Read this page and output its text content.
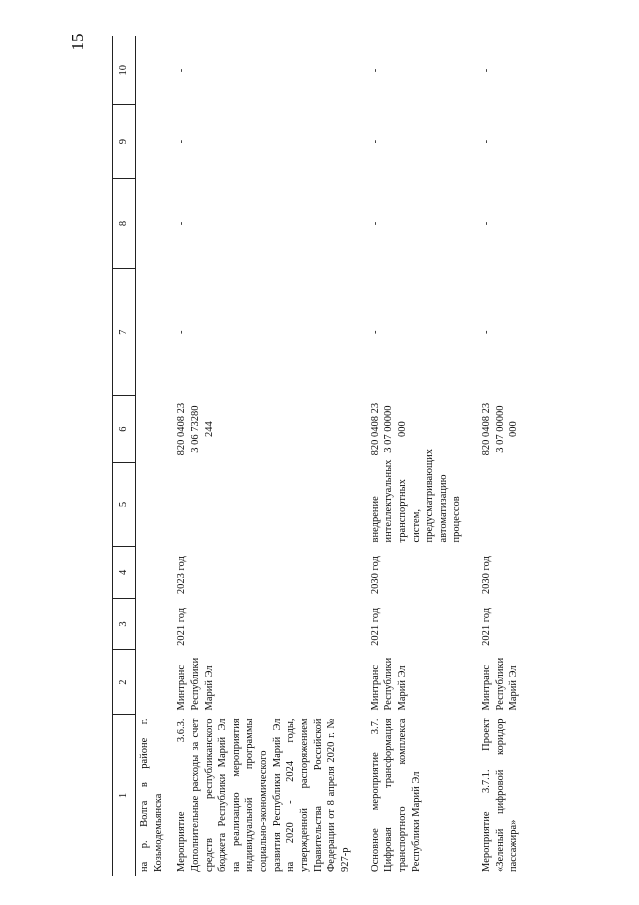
15
1	2	3	4	5	6	7	8	9	10
на р. Волга в районе г. Козьмодемьянска									
Мероприятие 3.6.3. Дополнительные расходы за счет средств республиканского бюджета Республики Марий Эл на реализацию мероприятия индивидуальной программы социально-экономического развития Республики Марий Эл на 2020 - 2024 годы, утвержденной распоряжением Правительства Российской Федерации от 8 апреля 2020 г. № 927-р	Минтранс Республики Марий Эл	2021 год	2023 год		820 0408 23 3 06 73280 244	-	-	-	-
Основное мероприятие 3.7. Цифровая трансформация транспортного комплекса Республики Марий Эл	Минтранс Республики Марий Эл	2021 год	2030 год	внедрение интеллектуальных транспортных систем, предусматривающих автоматизацию процессов	820 0408 23 3 07 00000 000	-	-	-	-
Мероприятие 3.7.1. Проект «Зеленый цифровой коридор пассажира»	Минтранс Республики Марий Эл	2021 год	2030 год		820 0408 23 3 07 00000 000	-	-	-	-
